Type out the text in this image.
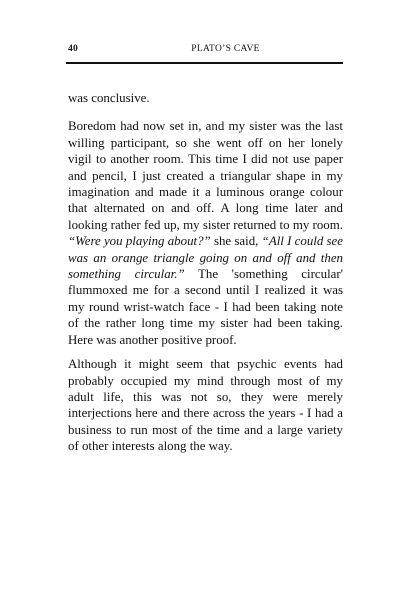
40	PLATO’S CAVE

was conclusive.

Boredom had now set in, and my sister was the last willing participant, so she went off on her lonely vigil to another room. This time I did not use paper and pencil, I just created a triangular shape in my imagination and made it a luminous orange colour that alternated on and off. A long time later and looking rather fed up, my sister returned to my room. “Were you playing about?” she said, “All I could see was an orange triangle going on and off and then something circular.” The 'something circular' flummoxed me for a second until I realized it was my round wrist-watch face - I had been taking note of the rather long time my sister had been taking. Here was another positive proof.

Although it might seem that psychic events had probably occupied my mind through most of my adult life, this was not so, they were merely interjections here and there across the years - I had a business to run most of the time and a large variety of other interests along the way.
